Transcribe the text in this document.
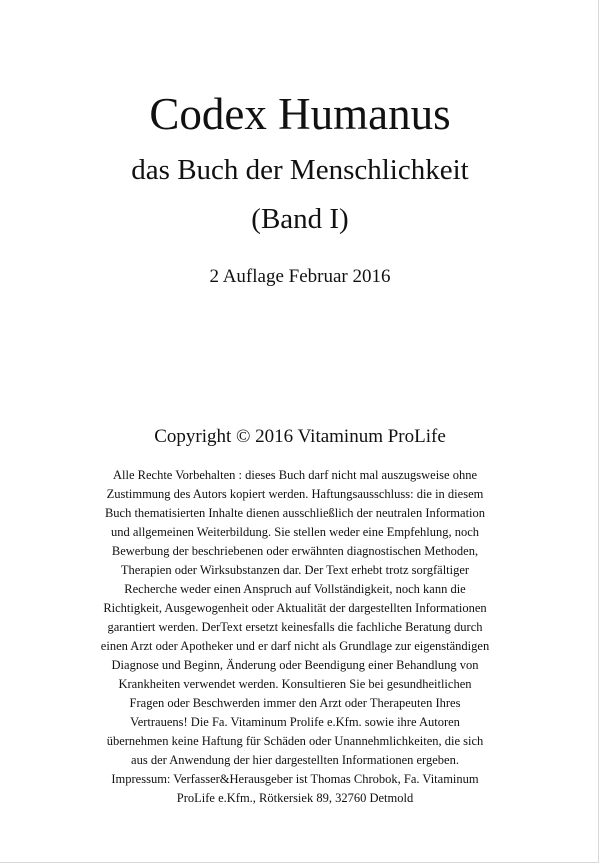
Codex Humanus
das Buch der Menschlichkeit
(Band I)
2 Auflage Februar 2016
Copyright © 2016 Vitaminum ProLife

Alle Rechte Vorbehalten : dieses Buch darf nicht mal auszugsweise ohne Zustimmung des Autors kopiert werden. Haftungsausschluss: die in diesem Buch thematisierten Inhalte dienen ausschließlich der neutralen Information und allgemeinen Weiterbildung. Sie stellen weder eine Empfehlung, noch Bewerbung der beschriebenen oder erwähnten diagnostischen Methoden, Therapien oder Wirksubstanzen dar. Der Text erhebt trotz sorgfältiger Recherche weder einen Anspruch auf Vollständigkeit, noch kann die Richtigkeit, Ausgewogenheit oder Aktualität der dargestellten Informationen garantiert werden. DerText ersetzt keinesfalls die fachliche Beratung durch einen Arzt oder Apotheker und er darf nicht als Grundlage zur eigenständigen Diagnose und Beginn, Änderung oder Beendigung einer Behandlung von Krankheiten verwendet werden. Konsultieren Sie bei gesundheitlichen Fragen oder Beschwerden immer den Arzt oder Therapeuten Ihres Vertrauens! Die Fa. Vitaminum Prolife e.Kfm. sowie ihre Autoren übernehmen keine Haftung für Schäden oder Unannehmlichkeiten, die sich aus der Anwendung der hier dargestellten Informationen ergeben. Impressum: Verfasser&Herausgeber ist Thomas Chrobok, Fa. Vitaminum ProLife e.Kfm., Rötkersiek 89, 32760 Detmold
